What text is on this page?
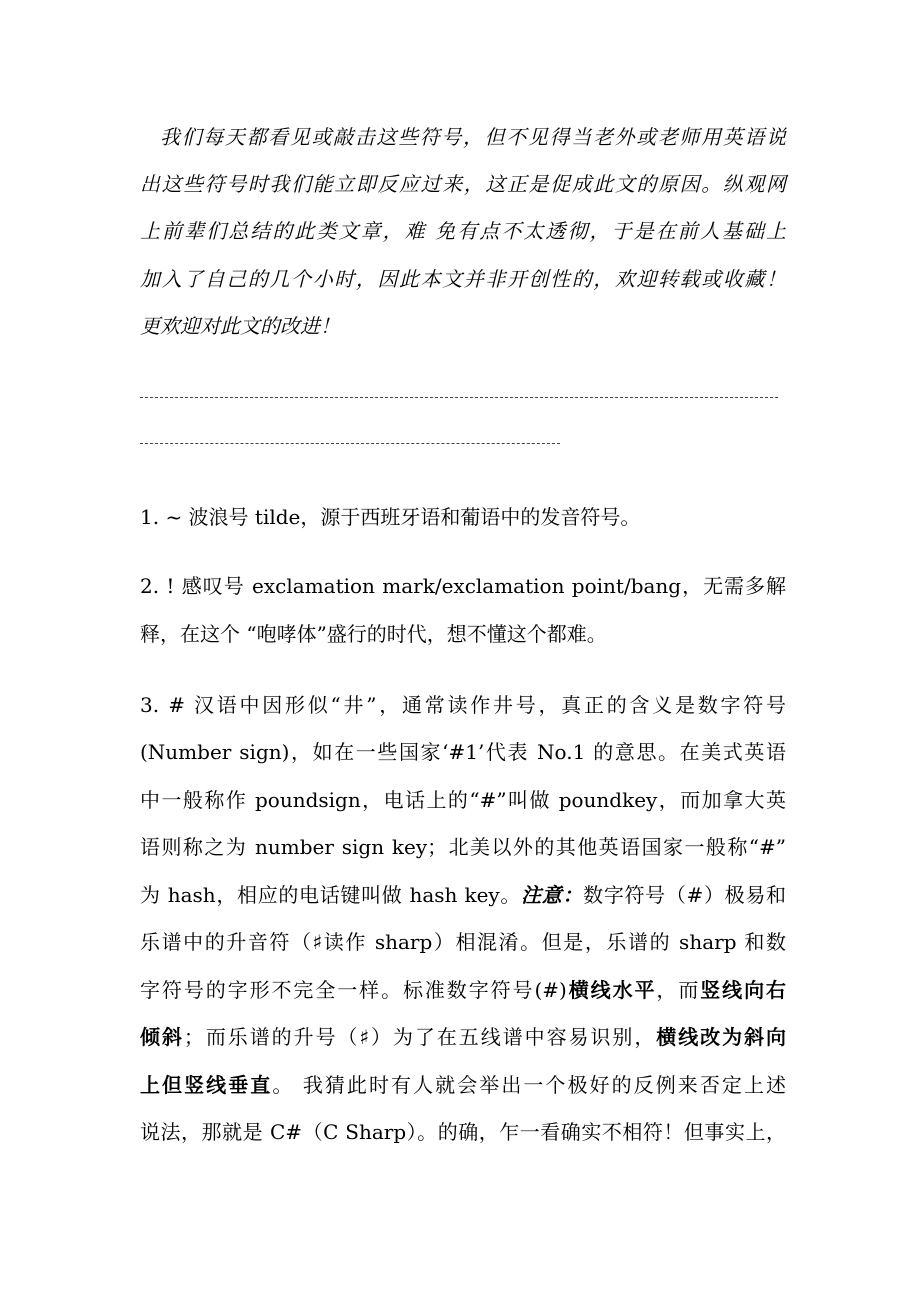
我们每天都看见或敲击这些符号，但不见得当老外或老师用英语说
出这些符号时我们能立即反应过来，这正是促成此文的原因。纵观网
上前辈们总结的此类文章，难 免有点不太透彻，于是在前人基础上
加入了自己的几个小时，因此本文并非开创性的，欢迎转载或收藏！
更欢迎对此文的改进！
1. ~ 波浪号 tilde，源于西班牙语和葡语中的发音符号。
2. ! 感叹号 exclamation mark/exclamation point/bang，无需多解
释，在这个 “咆哮体”盛行的时代，想不懂这个都难。
3. # 汉语中因形似“井”，通常读作井号，真正的含义是数字符号
(Number sign)，如在一些国家‘#1’代表 No.1 的意思。在美式英语
中一般称作 poundsign，电话上的“#”叫做 poundkey，而加拿大英
语则称之为 number sign key；北美以外的其他英语国家一般称“#”
为 hash，相应的电话键叫做 hash key。注意：数字符号（#）极易和
乐谱中的升音符（♯读作 sharp）相混淆。但是，乐谱的 sharp 和数
字符号的字形不完全一样。标准数字符号(#)横线水平，而竖线向右
倾斜；而乐谱的升号（♯）为了在五线谱中容易识别，横线改为斜向
上但竖线垂直。 我猜此时有人就会举出一个极好的反例来否定上述
说法，那就是 C#（C Sharp）。的确，乍一看确实不相符！但事实上，
